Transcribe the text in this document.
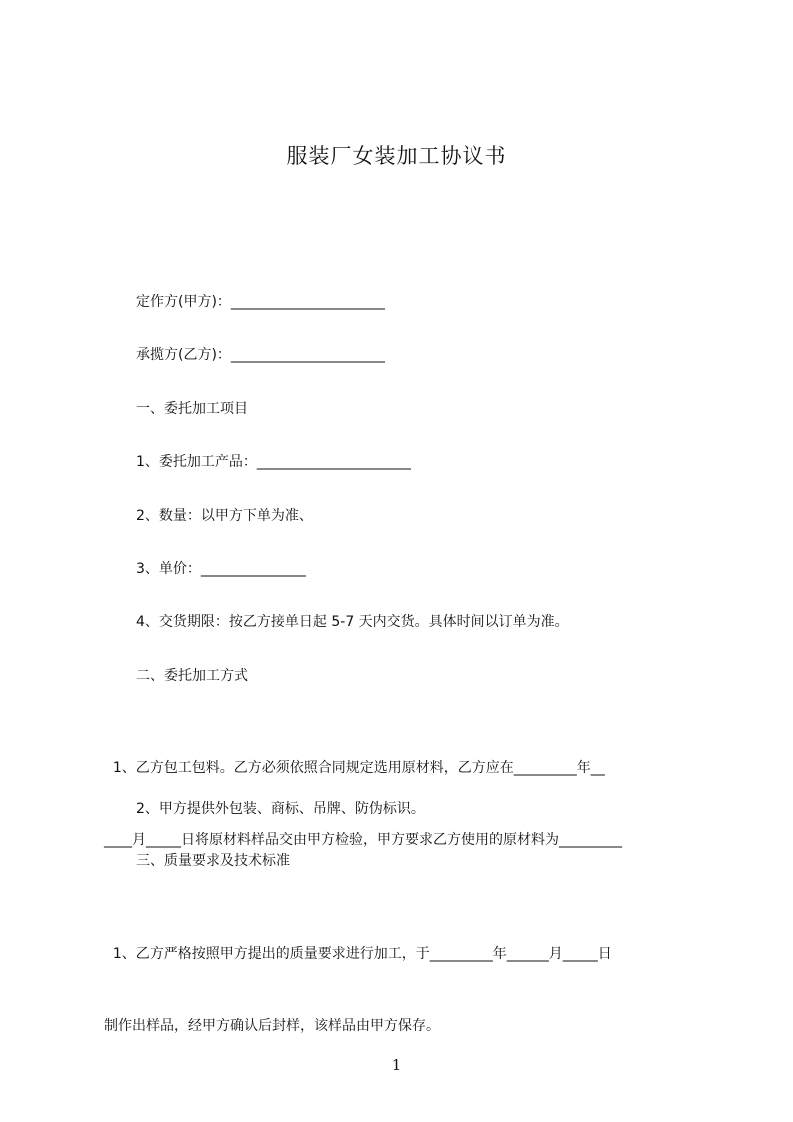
服装厂女装加工协议书
定作方(甲方)：______________________
承揽方(乙方)：______________________
一、委托加工项目
1、委托加工产品：______________________
2、数量：以甲方下单为准、
3、单价：_______________
4、交货期限：按乙方接单日起 5-7 天内交货。具体时间以订单为准。
二、委托加工方式

1、乙方包工包料。乙方必须依照合同规定选用原材料，乙方应在_________年__

____月_____日将原材料样品交由甲方检验，甲方要求乙方使用的原材料为_________

2、甲方提供外包装、商标、吊牌、防伪标识。
三、质量要求及技术标准

1、乙方严格按照甲方提出的质量要求进行加工，于_________年______月_____日

制作出样品，经甲方确认后封样，该样品由甲方保存。

1
